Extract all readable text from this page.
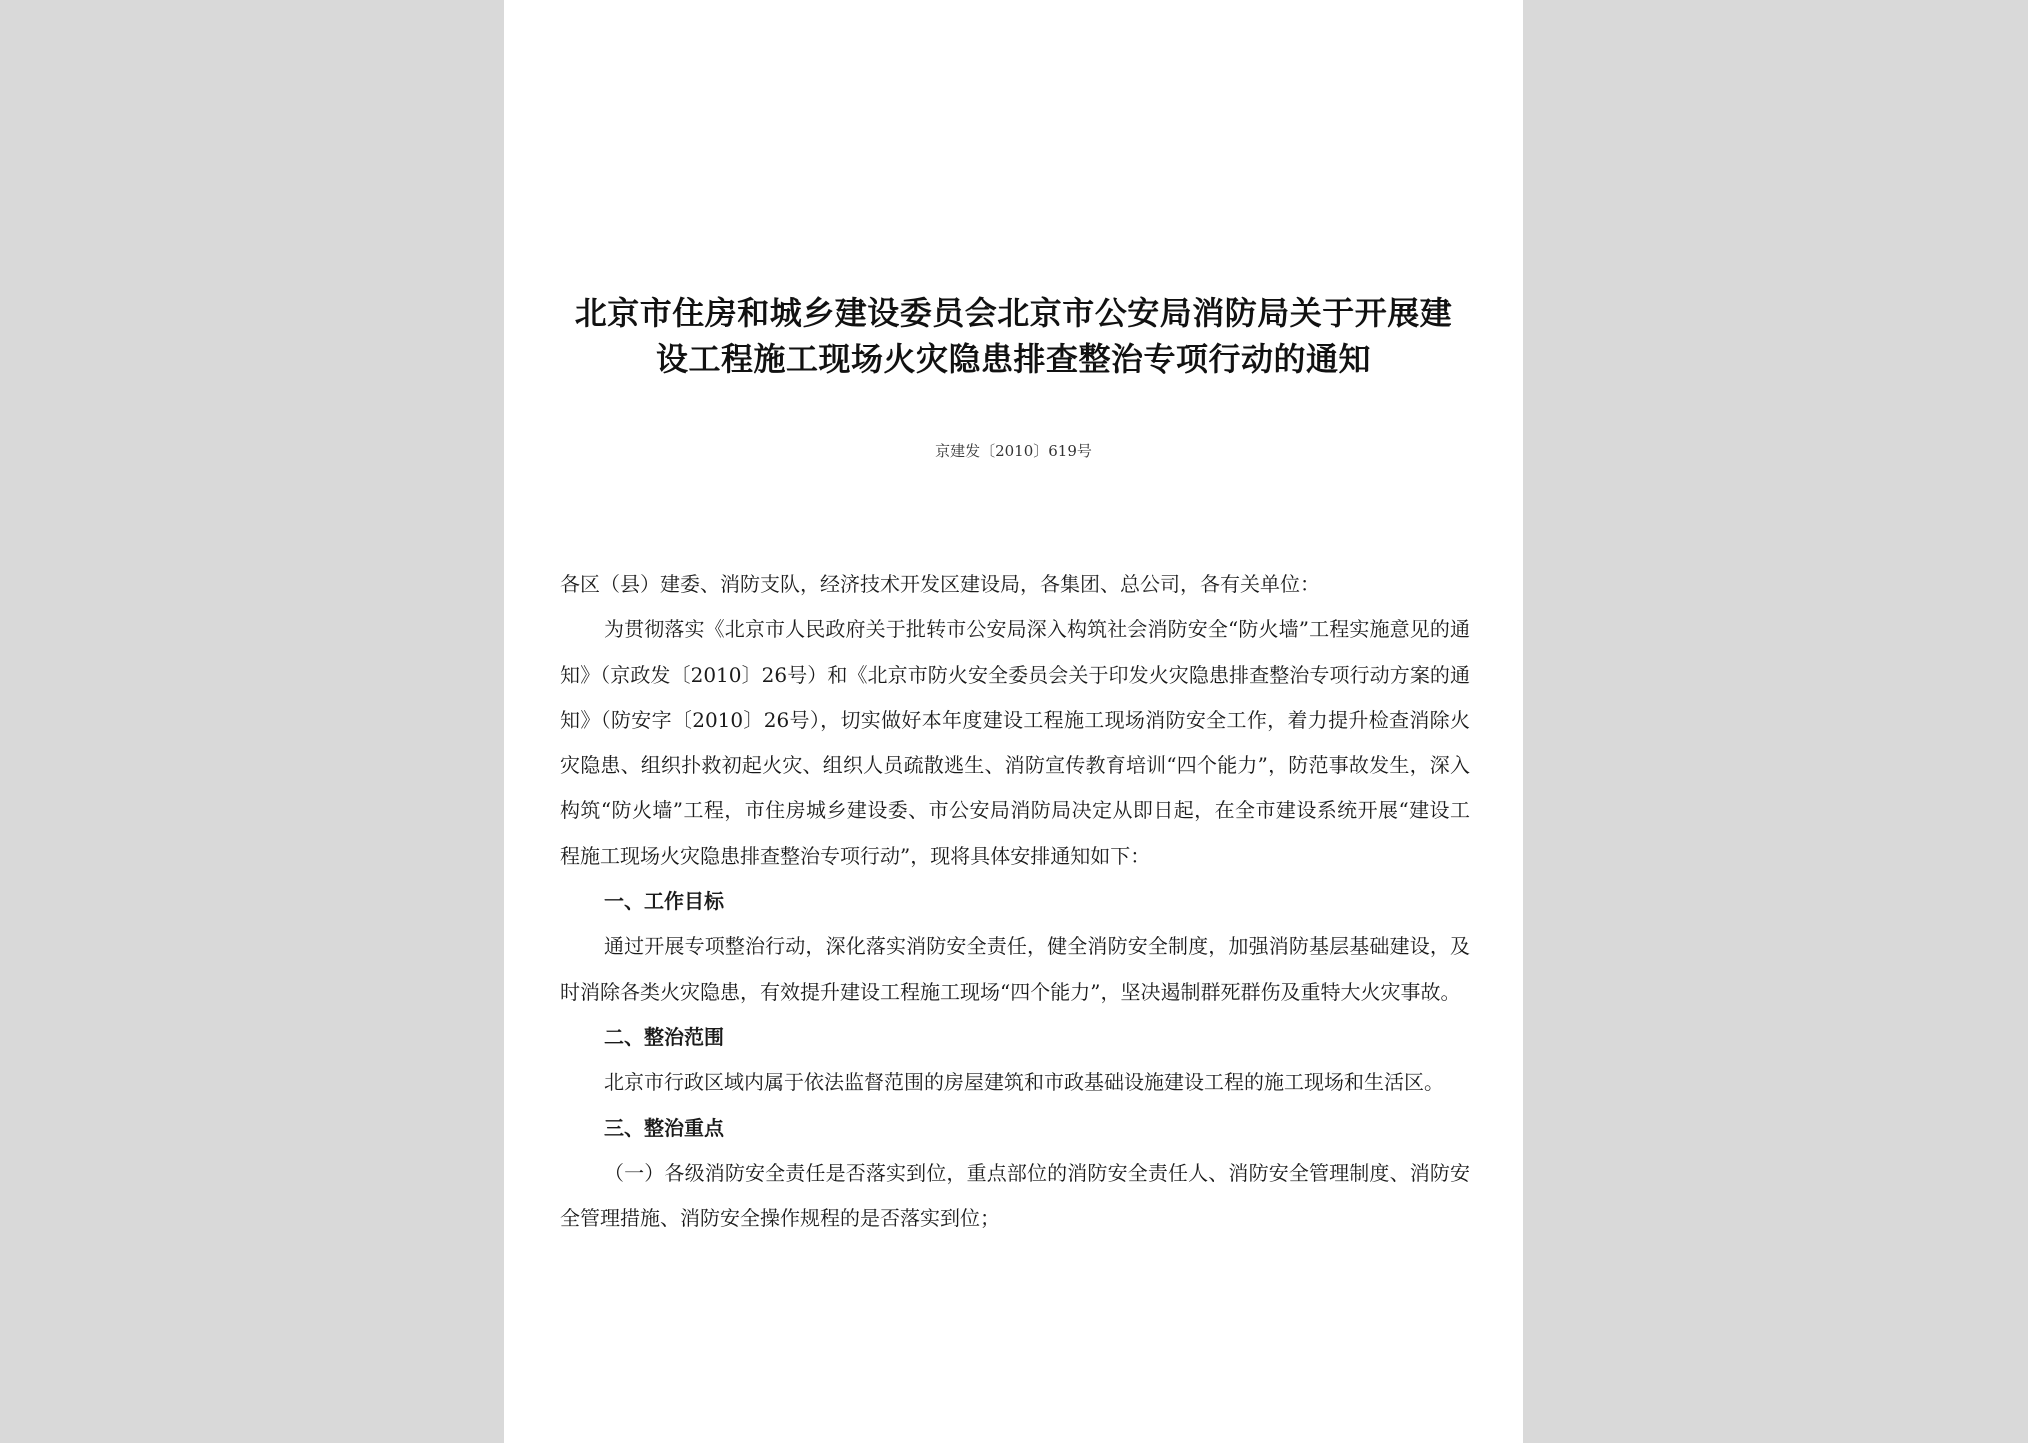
北京市住房和城乡建设委员会北京市公安局消防局关于开展建设工程施工现场火灾隐患排查整治专项行动的通知
京建发〔2010〕619号

各区（县）建委、消防支队，经济技术开发区建设局，各集团、总公司，各有关单位：

为贯彻落实《北京市人民政府关于批转市公安局深入构筑社会消防安全“防火墙”工程实施意见的通知》（京政发〔2010〕26号）和《北京市防火安全委员会关于印发火灾隐患排查整治专项行动方案的通知》（防安字〔2010〕26号），切实做好本年度建设工程施工现场消防安全工作，着力提升检查消除火灾隐患、组织扑救初起火灾、组织人员疏散逃生、消防宣传教育培训“四个能力”，防范事故发生，深入构筑“防火墙”工程，市住房城乡建设委、市公安局消防局决定从即日起，在全市建设系统开展“建设工程施工现场火灾隐患排查整治专项行动”，现将具体安排通知如下：

一、工作目标

通过开展专项整治行动，深化落实消防安全责任，健全消防安全制度，加强消防基层基础建设，及时消除各类火灾隐患，有效提升建设工程施工现场“四个能力”，坚决遏制群死群伤及重特大火灾事故。

二、整治范围

北京市行政区域内属于依法监督范围的房屋建筑和市政基础设施建设工程的施工现场和生活区。

三、整治重点

（一）各级消防安全责任是否落实到位，重点部位的消防安全责任人、消防安全管理制度、消防安全管理措施、消防安全操作规程的是否落实到位；
